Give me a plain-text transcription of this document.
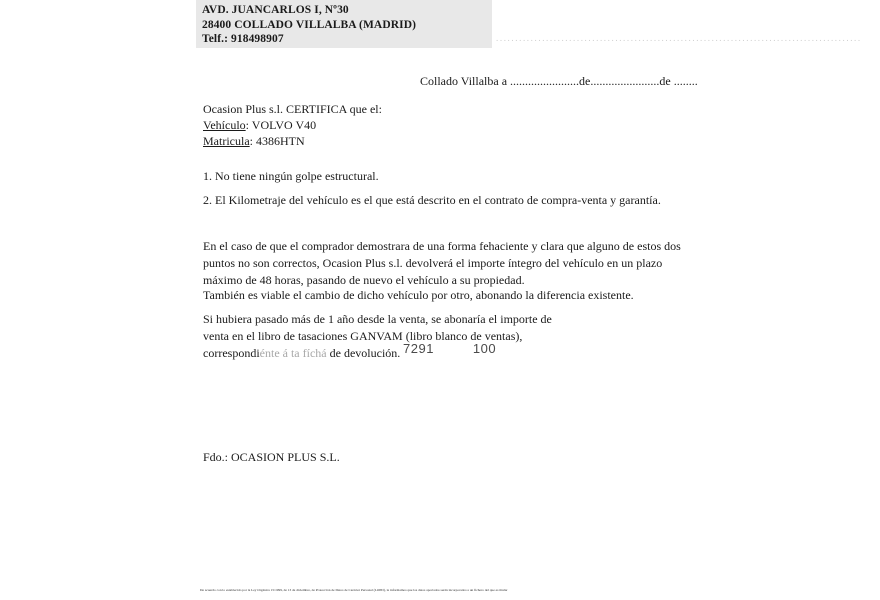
AVD. JUANCARLOS I, Nº30
28400 COLLADO VILLALBA (MADRID)
Telf.: 918498907	...............................................................................................
Collado Villalba a .......................de.......................de ........
Ocasion Plus s.l. CERTIFICA que el:
Vehículo: VOLVO V40
Matricula: 4386HTN
1. No tiene ningún golpe estructural.
2. El Kilometraje del vehículo es el que está descrito en el contrato de compra-venta y garantía.
En el caso de que el comprador demostrara de una forma fehaciente y clara que alguno de estos dos puntos no son correctos, Ocasion Plus s.l. devolverá el importe íntegro del vehículo en un plazo máximo de 48 horas, pasando de nuevo el vehículo a su propiedad.
También es viable el cambio de dicho vehículo por otro, abonando la diferencia existente.
Si hubiera pasado más de 1 año desde la venta, se abonaría el importe de venta en el libro de tasaciones GANVAM (libro blanco de ventas), correspondiénte á ta fíchá de devolución. 7291	100
Fdo.: OCASION PLUS S.L.
De acuerdo con lo establecido por la Ley Orgánica 15/1999, de 13 de diciembre, de Protección de Datos de Carácter Personal (LOPD), le informamos que los datos aportados serán incorporados a un fichero del que es titular
